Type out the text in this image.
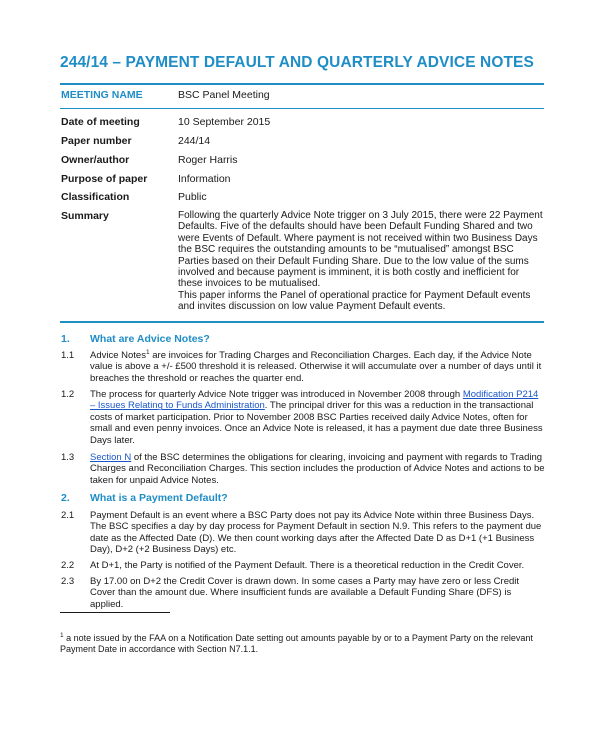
244/14 – PAYMENT DEFAULT AND QUARTERLY ADVICE NOTES
MEETING NAME	BSC Panel Meeting
Date of meeting	10 September 2015
Paper number	244/14
Owner/author	Roger Harris
Purpose of paper	Information
Classification	Public
Summary	Following the quarterly Advice Note trigger on 3 July 2015, there were 22 Payment Defaults. Five of the defaults should have been Default Funding Shared and two were Events of Default. Where payment is not received within two Business Days the BSC requires the outstanding amounts to be “mutualised” amongst BSC Parties based on their Default Funding Share. Due to the low value of the sums involved and because payment is imminent, it is both costly and inefficient for these invoices to be mutualised.

This paper informs the Panel of operational practice for Payment Default events and invites discussion on low value Payment Default events.

1. What are Advice Notes?
1.1 Advice Notes$^1$ are invoices for Trading Charges and Reconciliation Charges. Each day, if the Advice Note value is above a +/- £500 threshold it is released. Otherwise it will accumulate over a number of days until it breaches the threshold or reaches the quarter end.
1.2 The process for quarterly Advice Note trigger was introduced in November 2008 through Modification P214 – Issues Relating to Funds Administration. The principal driver for this was a reduction in the transactional costs of market participation. Prior to November 2008 BSC Parties received daily Advice Notes, often for small and even penny invoices. Once an Advice Note is released, it has a payment due date three Business Days later.
1.3 Section N of the BSC determines the obligations for clearing, invoicing and payment with regards to Trading Charges and Reconciliation Charges. This section includes the production of Advice Notes and actions to be taken for unpaid Advice Notes.
2. What is a Payment Default?
2.1 Payment Default is an event where a BSC Party does not pay its Advice Note within three Business Days. The BSC specifies a day by day process for Payment Default in section N.9. This refers to the payment due date as the Affected Date (D). We then count working days after the Affected Date D as D+1 (+1 Business Day), D+2 (+2 Business Days) etc.
2.2 At D+1, the Party is notified of the Payment Default. There is a theoretical reduction in the Credit Cover.
2.3 By 17.00 on D+2 the Credit Cover is drawn down. In some cases a Party may have zero or less Credit Cover than the amount due. Where insufficient funds are available a Default Funding Share (DFS) is applied.
$^1$ a note issued by the FAA on a Notification Date setting out amounts payable by or to a Payment Party on the relevant Payment Date in accordance with Section N7.1.1.
